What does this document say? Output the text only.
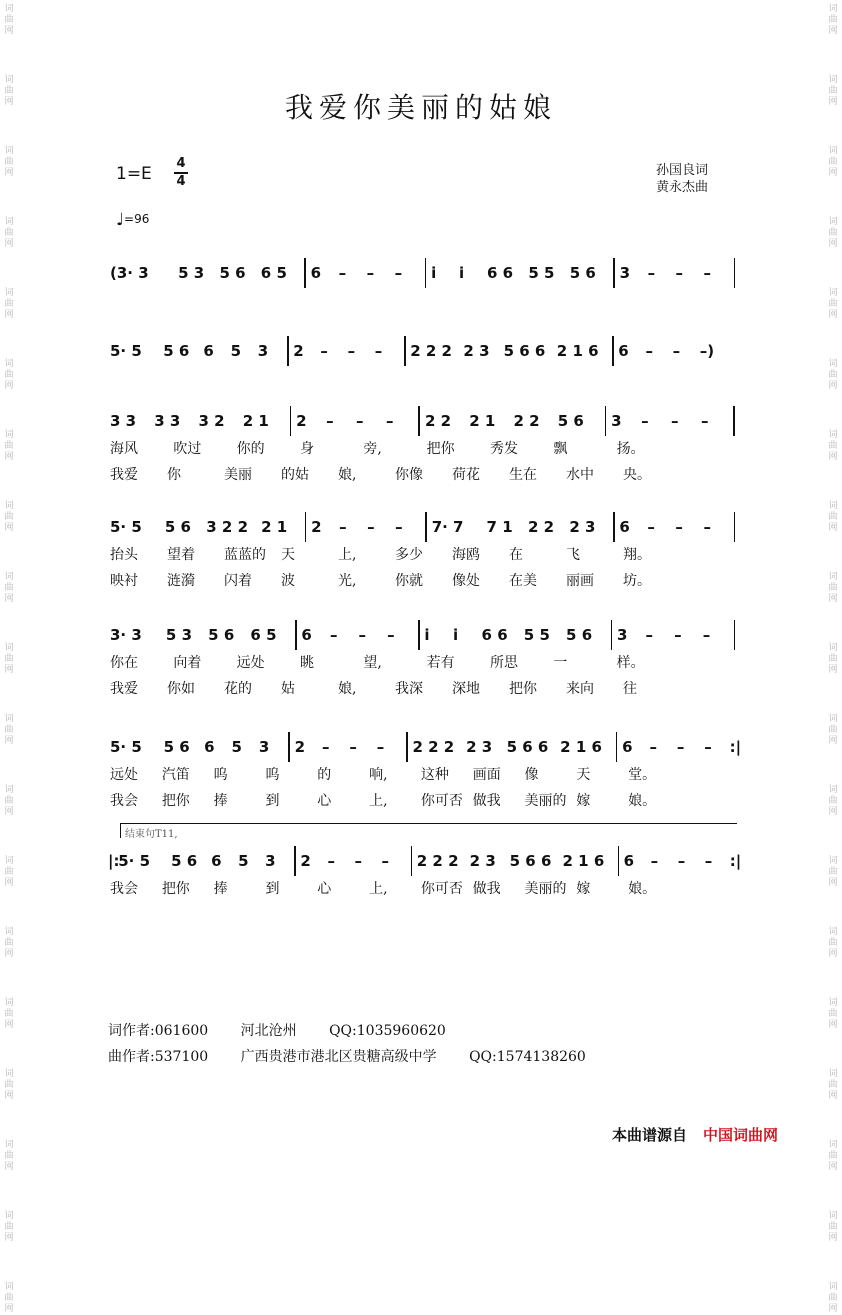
词
曲
网
词
曲
网
词
曲
网
词
曲
网
词
曲
网
词
曲
网
词
曲
网
词
曲
网
词
曲
网
词
曲
网
词
曲
网
词
曲
网
词
曲
网
词
曲
网
词
曲
网
词
曲
网
词
曲
网
词
曲
网
词
曲
网
词
曲
网
词
曲
网
词
曲
网
词
曲
网
词
曲
网
词
曲
网
词
曲
网
词
曲
网
词
曲
网
词
曲
网
词
曲
网
词
曲
网
词
曲
网
词
曲
网
词
曲
网
词
曲
网
词
曲
网
词
曲
网
词
曲
网
我爱你美丽的姑娘
1=E
4
4
♩=96
孙国良词
黄永杰曲
(3· 3 5 3 5 6 6 5 6 – – – i i 6 6 5 5 5 6 3 – – –
5· 5 5 6 6 5 3 2 – – – 2 2 2 2 3 5 6 6 2 1 6 6 – – –)
3 3 3 3 3 2 2 1 2 – – – 2 2 2 1 2 2 5 6 3 – – –
海风	吹过	你的	身	旁,	把你	秀发	飘	扬。
我爱 你	美丽 的姑 娘,	你像 荷花 生在 水中 央。
5· 5 5 6 3 2 2 2 1 2 – – – 7· 7 7 1 2 2 2 3 6 – – –
抬头 望着 蓝蓝的 天	上,	多少 海鸥 在	飞	翔。
映衬 涟漪 闪着 波	光,	你就 像处 在美 丽画 坊。
3· 3 5 3 5 6 6 5 6 – – – i i 6 6 5 5 5 6 3 – – –
你在	向着	远处	眺	望,	若有	所思	一	样。
我爱 你如 花的 姑	娘,	我深 深地 把你 来向 往
5· 5 5 6 6 5 3 2 – – – 2 2 2 2 3 5 6 6 2 1 6 6 – – – :|
远处 汽笛 呜	呜	的	响, 这种 画面 像	天	堂。
我会 把你 捧	到	心	上, 你可否 做我 美丽的 嫁	娘。
|:
5· 5 5 6 6 5 3 2 – – – 2 2 2 2 3 5 6 6 2 1 6 6 – – – :|
我会 把你 捧	到	心	上, 你可否 做我 美丽的 嫁	娘。
结束句T11,
词作者:061600 河北沧州 QQ:1035960620
曲作者:537100 广西贵港市港北区贵糖高级中学 QQ:1574138260
本曲谱源自 中国词曲网
